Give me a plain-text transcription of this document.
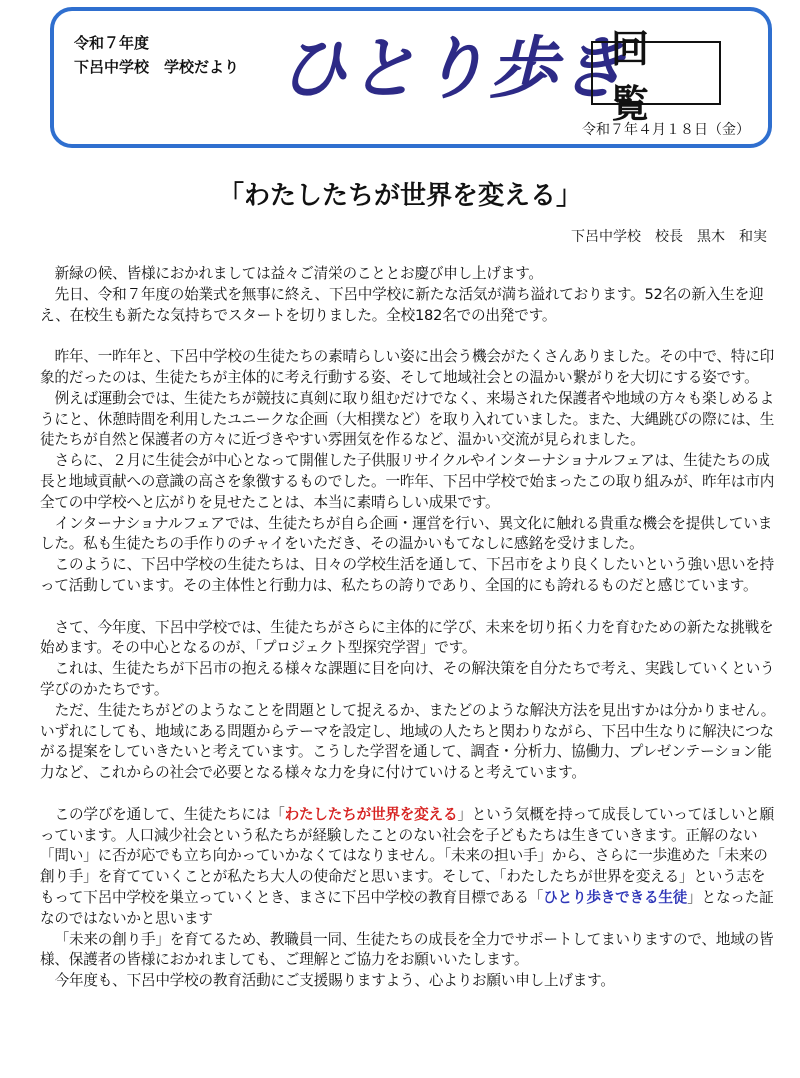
令和７年度
下呂中学校　学校だより ひとり歩き
回覧
令和７年４月１８日（金）
「わたしたちが世界を変える」
下呂中学校　校長　黒木　和実

新緑の候、皆様におかれましては益々ご清栄のこととお慶び申し上げます。

先日、令和７年度の始業式を無事に終え、下呂中学校に新たな活気が満ち溢れております。52名の新入生を迎え、在校生も新たな気持ちでスタートを切りました。全校182名での出発です。

昨年、一昨年と、下呂中学校の生徒たちの素晴らしい姿に出会う機会がたくさんありました。その中で、特に印象的だったのは、生徒たちが主体的に考え行動する姿、そして地域社会との温かい繋がりを大切にする姿です。

例えば運動会では、生徒たちが競技に真剣に取り組むだけでなく、来場された保護者や地域の方々も楽しめるようにと、休憩時間を利用したユニークな企画（大相撲など）を取り入れていました。また、大縄跳びの際には、生徒たちが自然と保護者の方々に近づきやすい雰囲気を作るなど、温かい交流が見られました。

さらに、２月に生徒会が中心となって開催した子供服リサイクルやインターナショナルフェアは、生徒たちの成長と地域貢献への意識の高さを象徴するものでした。一昨年、下呂中学校で始まったこの取り組みが、昨年は市内全ての中学校へと広がりを見せたことは、本当に素晴らしい成果です。

インターナショナルフェアでは、生徒たちが自ら企画・運営を行い、異文化に触れる貴重な機会を提供していました。私も生徒たちの手作りのチャイをいただき、その温かいもてなしに感銘を受けました。

このように、下呂中学校の生徒たちは、日々の学校生活を通して、下呂市をより良くしたいという強い思いを持って活動しています。その主体性と行動力は、私たちの誇りであり、全国的にも誇れるものだと感じています。

さて、今年度、下呂中学校では、生徒たちがさらに主体的に学び、未来を切り拓く力を育むための新たな挑戦を始めます。その中心となるのが、「プロジェクト型探究学習」です。

これは、生徒たちが下呂市の抱える様々な課題に目を向け、その解決策を自分たちで考え、実践していくという学びのかたちです。

ただ、生徒たちがどのようなことを問題として捉えるか、またどのような解決方法を見出すかは分かりません。いずれにしても、地域にある問題からテーマを設定し、地域の人たちと関わりながら、下呂中生なりに解決につながる提案をしていきたいと考えています。こうした学習を通して、調査・分析力、協働力、プレゼンテーション能力など、これからの社会で必要となる様々な力を身に付けていけると考えています。

この学びを通して、生徒たちには「わたしたちが世界を変える」という気概を持って成長していってほしいと願っています。人口減少社会という私たちが経験したことのない社会を子どもたちは生きていきます。正解のない「問い」に否が応でも立ち向かっていかなくてはなりません。「未来の担い手」から、さらに一歩進めた「未来の創り手」を育てていくことが私たち大人の使命だと思います。そして、「わたしたちが世界を変える」という志をもって下呂中学校を巣立っていくとき、まさに下呂中学校の教育目標である「ひとり歩きできる生徒」となった証なのではないかと思います

「未来の創り手」を育てるため、教職員一同、生徒たちの成長を全力でサポートしてまいりますので、地域の皆様、保護者の皆様におかれましても、ご理解とご協力をお願いいたします。

今年度も、下呂中学校の教育活動にご支援賜りますよう、心よりお願い申し上げます。
